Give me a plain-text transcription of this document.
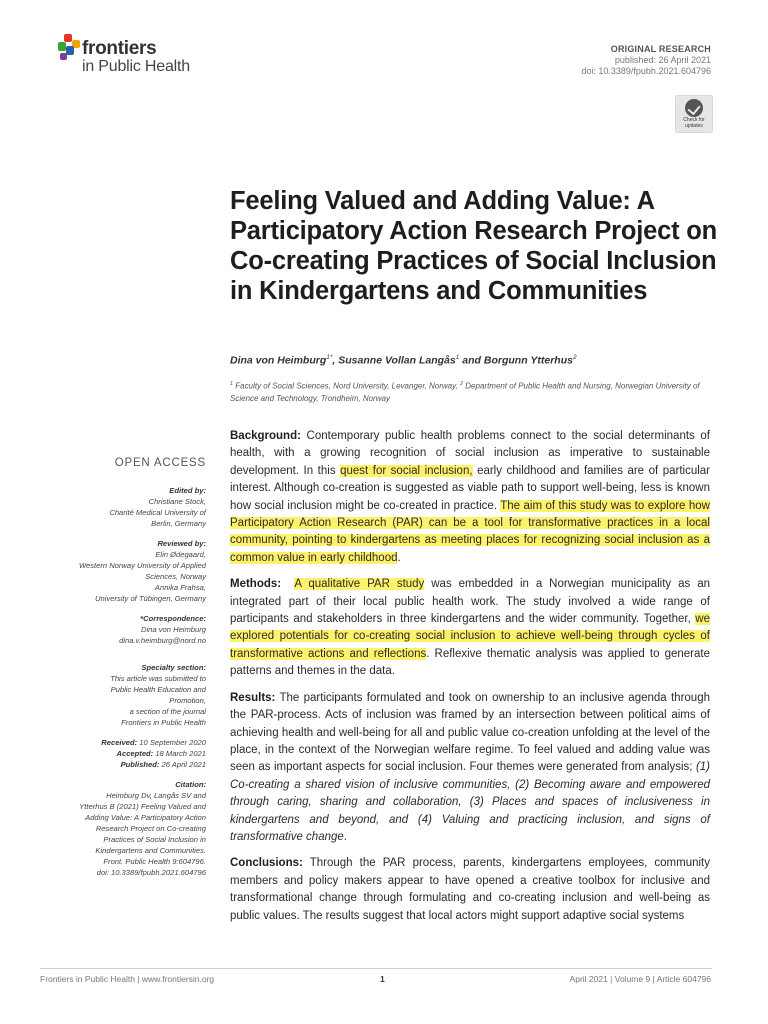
frontiers
in Public Health
ORIGINAL RESEARCH
published: 26 April 2021
doi: 10.3389/fpubh.2021.604796
Check for updates
Feeling Valued and Adding Value: A Participatory Action Research Project on Co-creating Practices of Social Inclusion in Kindergartens and Communities
Dina von Heimburg$^{1*}$, Susanne Vollan Langås$^1$ and Borgunn Ytterhus$^2$
$^1$ Faculty of Social Sciences, Nord University, Levanger, Norway, $^2$ Department of Public Health and Nursing, Norwegian University of Science and Technology, Trondheim, Norway
OPEN ACCESS

Edited by:

Christiane Stock,

Charité Medical University of

Berlin, Germany

Reviewed by:

Elin Ødegaard,

Western Norway University of Applied

Sciences, Norway

Annika Frahsa,

University of Tübingen, Germany

*Correspondence:

Dina von Heimburg

dina.v.heimburg@nord.no

Specialty section:

This article was submitted to

Public Health Education and

Promotion,

a section of the journal

Frontiers in Public Health

Received: 10 September 2020

Accepted: 18 March 2021

Published: 26 April 2021

Citation:

Heimburg Dv, Langås SV and

Ytterhus B (2021) Feeling Valued and

Adding Value: A Participatory Action

Research Project on Co-creating

Practices of Social Inclusion in

Kindergartens and Communities.

Front. Public Health 9:604796.

doi: 10.3389/fpubh.2021.604796

Background: Contemporary public health problems connect to the social determinants of health, with a growing recognition of social inclusion as imperative to sustainable development. In this quest for social inclusion, early childhood and families are of particular interest. Although co-creation is suggested as viable path to support well-being, less is known how social inclusion might be co-created in practice. The aim of this study was to explore how Participatory Action Research (PAR) can be a tool for transformative practices in a local community, pointing to kindergartens as meeting places for recognizing social inclusion as a common value in early childhood.

Methods: A qualitative PAR study was embedded in a Norwegian municipality as an integrated part of their local public health work. The study involved a wide range of participants and stakeholders in three kindergartens and the wider community. Together, we explored potentials for co-creating social inclusion to achieve well-being through cycles of transformative actions and reflections. Reflexive thematic analysis was applied to generate patterns and themes in the data.

Results: The participants formulated and took on ownership to an inclusive agenda through the PAR-process. Acts of inclusion was framed by an intersection between political aims of achieving health and well-being for all and public value co-creation unfolding at the level of the place, in the context of the Norwegian welfare regime. To feel valued and adding value was seen as important aspects for social inclusion. Four themes were generated from analysis; (1) Co-creating a shared vision of inclusive communities, (2) Becoming aware and empowered through caring, sharing and collaboration, (3) Places and spaces of inclusiveness in kindergartens and beyond, and (4) Valuing and practicing inclusion, and signs of transformative change.

Conclusions: Through the PAR process, parents, kindergartens employees, community members and policy makers appear to have opened a creative toolbox for inclusive and transformational change through formulating and co-creating inclusion and well-being as public values. The results suggest that local actors might support adaptive social systems

Frontiers in Public Health | www.frontiersin.org	1	April 2021 | Volume 9 | Article 604796
